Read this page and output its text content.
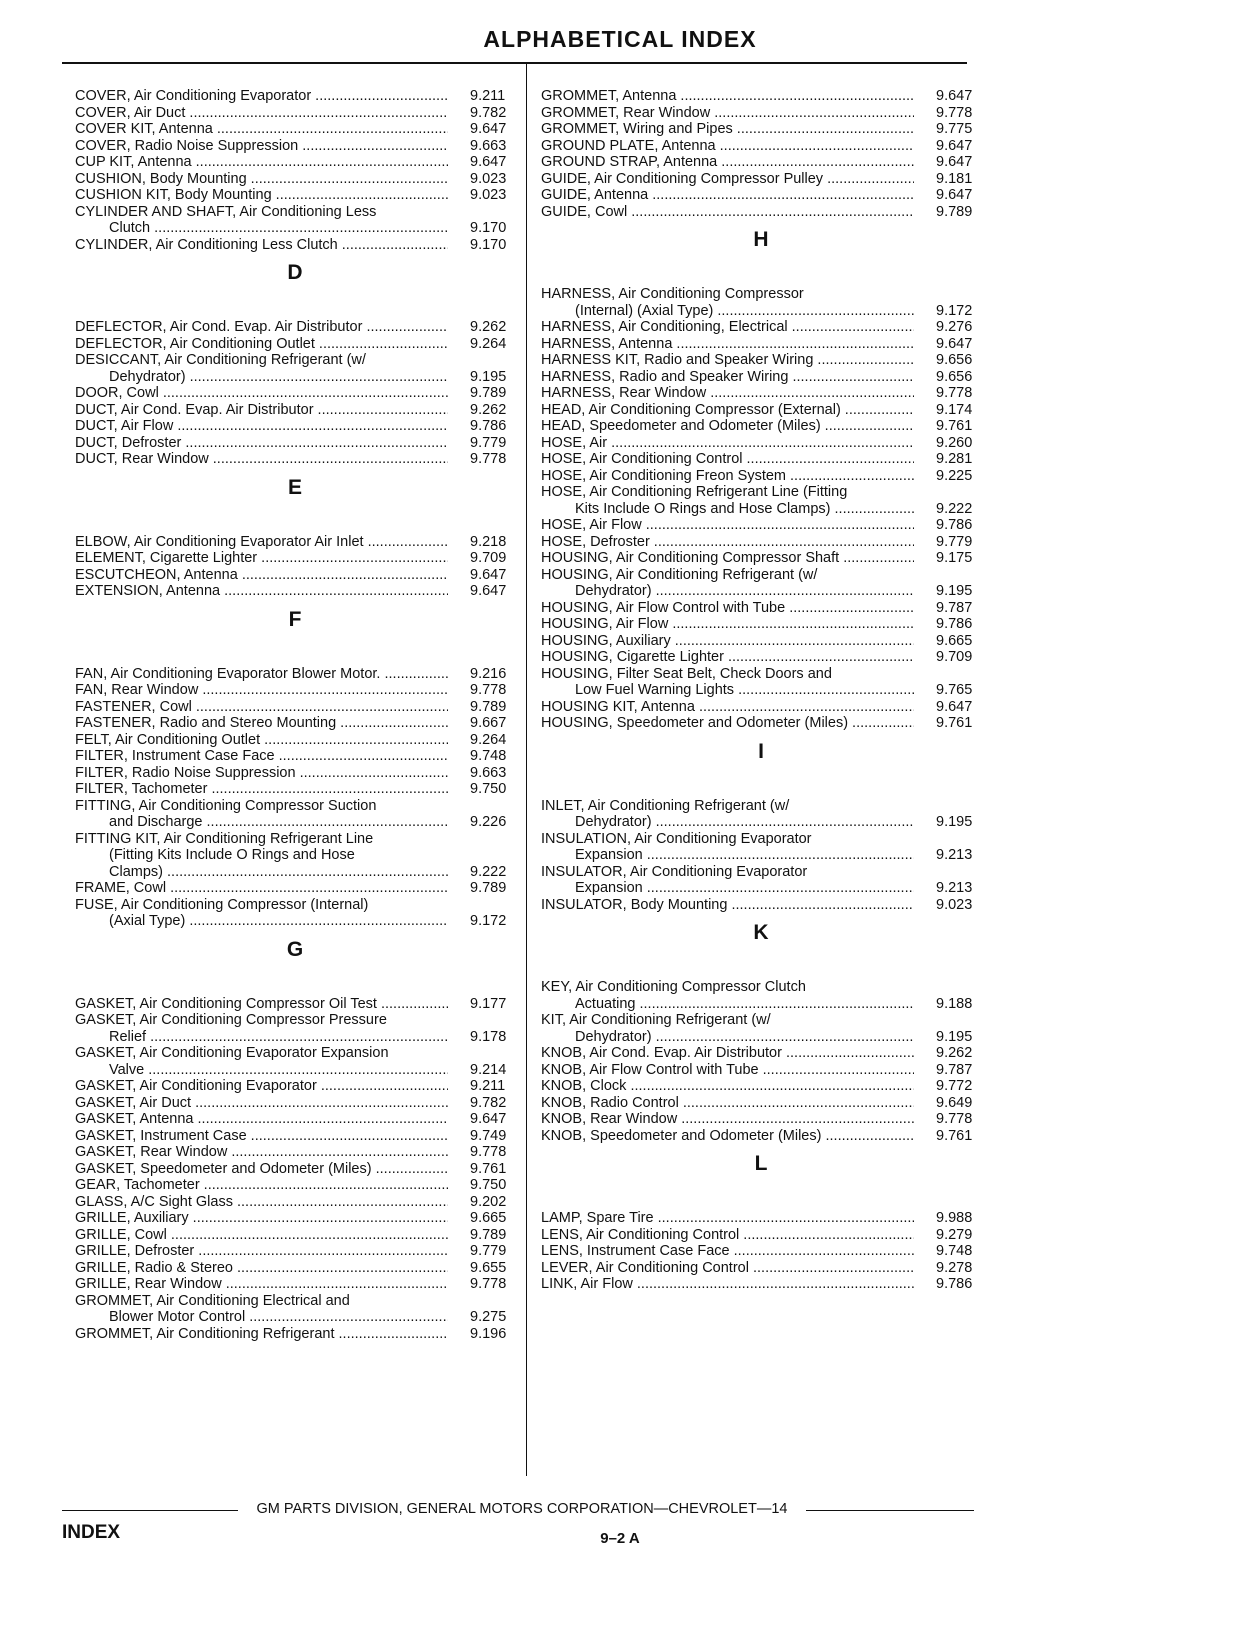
ALPHABETICAL INDEX
COVER, Air Conditioning Evaporator .....	9.211
COVER, Air Duct .....	9.782
COVER KIT, Antenna .....	9.647
COVER, Radio Noise Suppression .....	9.663
CUP KIT, Antenna .....	9.647
CUSHION, Body Mounting .....	9.023
CUSHION KIT, Body Mounting .....	9.023
CYLINDER AND SHAFT, Air Conditioning Less
Clutch .....	9.170
CYLINDER, Air Conditioning Less Clutch .....	9.170
D
DEFLECTOR, Air Cond. Evap. Air Distributor .....	9.262
DEFLECTOR, Air Conditioning Outlet .....	9.264
DESICCANT, Air Conditioning Refrigerant (w/
Dehydrator) .....	9.195
DOOR, Cowl .....	9.789
DUCT, Air Cond. Evap. Air Distributor .....	9.262
DUCT, Air Flow .....	9.786
DUCT, Defroster .....	9.779
DUCT, Rear Window .....	9.778
E
ELBOW, Air Conditioning Evaporator Air Inlet .....	9.218
ELEMENT, Cigarette Lighter .....	9.709
ESCUTCHEON, Antenna .....	9.647
EXTENSION, Antenna .....	9.647
F
FAN, Air Conditioning Evaporator Blower Motor. .....	9.216
FAN, Rear Window .....	9.778
FASTENER, Cowl .....	9.789
FASTENER, Radio and Stereo Mounting .....	9.667
FELT, Air Conditioning Outlet .....	9.264
FILTER, Instrument Case Face .....	9.748
FILTER, Radio Noise Suppression .....	9.663
FILTER, Tachometer .....	9.750
FITTING, Air Conditioning Compressor Suction
and Discharge .....	9.226
FITTING KIT, Air Conditioning Refrigerant Line
(Fitting Kits Include O Rings and Hose
Clamps) .....	9.222
FRAME, Cowl .....	9.789
FUSE, Air Conditioning Compressor (Internal)
(Axial Type) .....	9.172
G
GASKET, Air Conditioning Compressor Oil Test .....	9.177
GASKET, Air Conditioning Compressor Pressure
Relief .....	9.178
GASKET, Air Conditioning Evaporator Expansion
Valve .....	9.214
GASKET, Air Conditioning Evaporator .....	9.211
GASKET, Air Duct .....	9.782
GASKET, Antenna .....	9.647
GASKET, Instrument Case .....	9.749
GASKET, Rear Window .....	9.778
GASKET, Speedometer and Odometer (Miles) .....	9.761
GEAR, Tachometer .....	9.750
GLASS, A/C Sight Glass .....	9.202
GRILLE, Auxiliary .....	9.665
GRILLE, Cowl .....	9.789
GRILLE, Defroster .....	9.779
GRILLE, Radio & Stereo .....	9.655
GRILLE, Rear Window .....	9.778
GROMMET, Air Conditioning Electrical and
Blower Motor Control .....	9.275
GROMMET, Air Conditioning Refrigerant .....	9.196
GROMMET, Antenna .....	9.647
GROMMET, Rear Window .....	9.778
GROMMET, Wiring and Pipes .....	9.775
GROUND PLATE, Antenna .....	9.647
GROUND STRAP, Antenna .....	9.647
GUIDE, Air Conditioning Compressor Pulley .....	9.181
GUIDE, Antenna .....	9.647
GUIDE, Cowl .....	9.789
H
HARNESS, Air Conditioning Compressor
(Internal) (Axial Type) .....	9.172
HARNESS, Air Conditioning, Electrical .....	9.276
HARNESS, Antenna .....	9.647
HARNESS KIT, Radio and Speaker Wiring .....	9.656
HARNESS, Radio and Speaker Wiring .....	9.656
HARNESS, Rear Window .....	9.778
HEAD, Air Conditioning Compressor (External) .....	9.174
HEAD, Speedometer and Odometer (Miles) .....	9.761
HOSE, Air .....	9.260
HOSE, Air Conditioning Control .....	9.281
HOSE, Air Conditioning Freon System .....	9.225
HOSE, Air Conditioning Refrigerant Line (Fitting
Kits Include O Rings and Hose Clamps) .....	9.222
HOSE, Air Flow .....	9.786
HOSE, Defroster .....	9.779
HOUSING, Air Conditioning Compressor Shaft .....	9.175
HOUSING, Air Conditioning Refrigerant (w/
Dehydrator) .....	9.195
HOUSING, Air Flow Control with Tube .....	9.787
HOUSING, Air Flow .....	9.786
HOUSING, Auxiliary .....	9.665
HOUSING, Cigarette Lighter .....	9.709
HOUSING, Filter Seat Belt, Check Doors and
Low Fuel Warning Lights .....	9.765
HOUSING KIT, Antenna .....	9.647
HOUSING, Speedometer and Odometer (Miles) .....	9.761
I
INLET, Air Conditioning Refrigerant (w/
Dehydrator) .....	9.195
INSULATION, Air Conditioning Evaporator
Expansion .....	9.213
INSULATOR, Air Conditioning Evaporator
Expansion .....	9.213
INSULATOR, Body Mounting .....	9.023
K
KEY, Air Conditioning Compressor Clutch
Actuating .....	9.188
KIT, Air Conditioning Refrigerant (w/
Dehydrator) .....	9.195
KNOB, Air Cond. Evap. Air Distributor .....	9.262
KNOB, Air Flow Control with Tube .....	9.787
KNOB, Clock .....	9.772
KNOB, Radio Control .....	9.649
KNOB, Rear Window .....	9.778
KNOB, Speedometer and Odometer (Miles) .....	9.761
L
LAMP, Spare Tire .....	9.988
LENS, Air Conditioning Control .....	9.279
LENS, Instrument Case Face .....	9.748
LEVER, Air Conditioning Control .....	9.278
LINK, Air Flow .....	9.786
GM PARTS DIVISION, GENERAL MOTORS CORPORATION—CHEVROLET—14
INDEX	9–2 A
